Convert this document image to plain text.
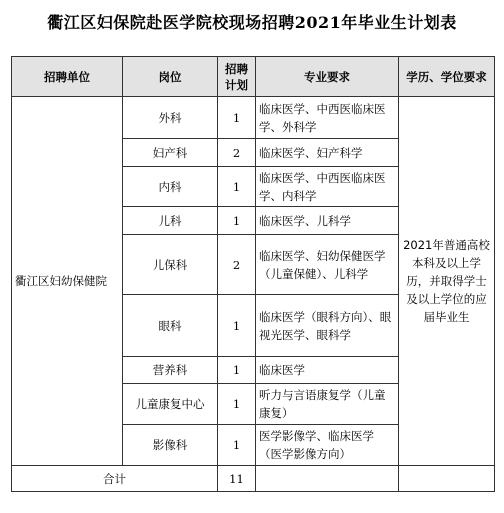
衢江区妇保院赴医学院校现场招聘2021年毕业生计划表
招聘单位	岗位	招聘计划	专业要求	学历、学位要求
衢江区妇幼保健院	外科	1	临床医学、中西医临床医学、外科学	2021年普通高校本科及以上学历，并取得学士及以上学位的应届毕业生
	妇产科	2	临床医学、妇产科学	
	内科	1	临床医学、中西医临床医学、内科学	
	儿科	1	临床医学、儿科学	
	儿保科	2	临床医学、妇幼保健医学（儿童保健）、儿科学	
	眼科	1	临床医学（眼科方向）、眼视光医学、眼科学	
	营养科	1	临床医学	
	儿童康复中心	1	听力与言语康复学（儿童康复）	
	影像科	1	医学影像学、临床医学（医学影像方向）	
合计		11		
